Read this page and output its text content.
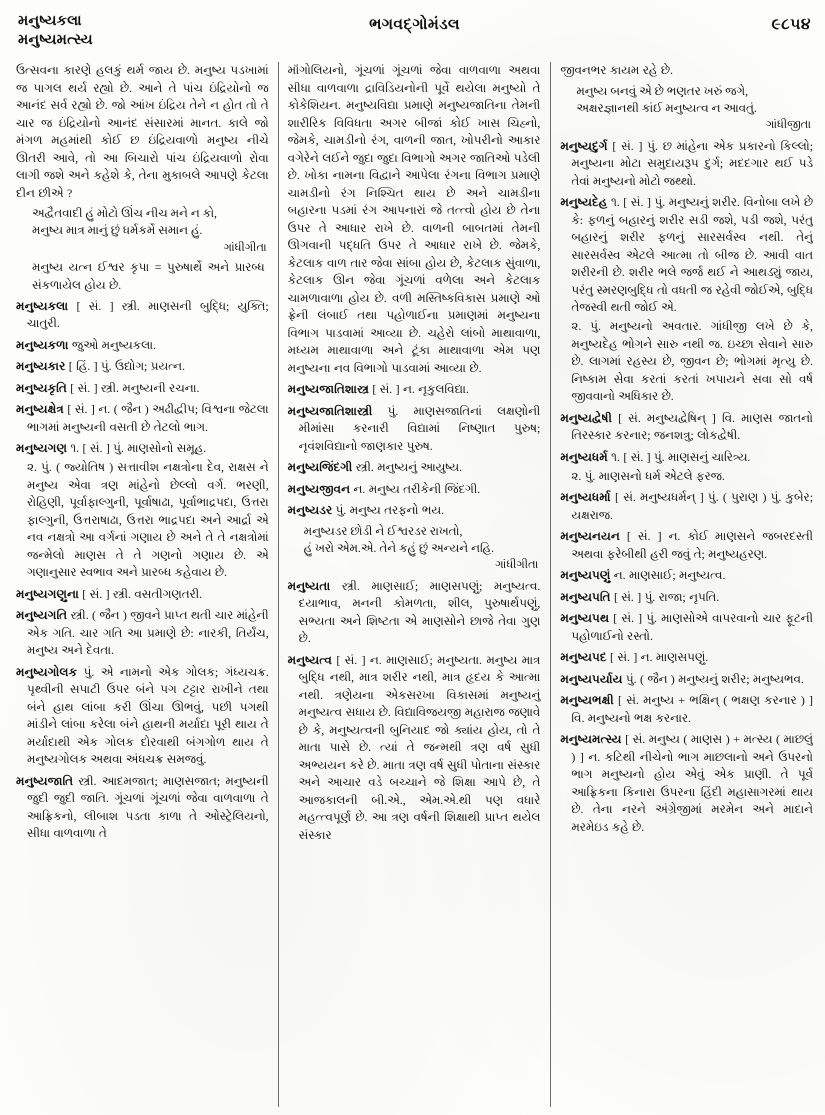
મનુષ્યકલા
મનુષ્યમત્સ્ય
ભગવદ્ગોમંડલ	૯૮૫૪

ઉત્સવના કારણે હલકું થર્મ જાય છે. મનુષ્ય પડખામાં જ પાગલ થર્ય રહ્યો છે. આને તે પાંચ ઇંદ્રિયોનો જ આનંદ સર્વ રહ્યો છે. જો આંખ ઇંદ્રિય તેને ન હોત તો તે ચાર જ ઇંદ્રિયોનો આનંદ સંસારમાં માનત. કાલે જો મંગળ મહમાંથી કોઈ છ ઇંદ્રિયવાળો મનુષ્ય નીચે ઊતરી આવે, તો આ બિચારો પાંચ ઇંદ્રિયવાળો રોવા લાગી જશે અને કહેશે કે, તેના મુકાબલે આપણે કેટલા દીન છીએ ?

અદ્વૈતવાદી હું મોટો ઊંચ નીચ મને ન કો,
મનુષ્ય માત્ર માનું છું ધર્મકર્મે સમાન હું.
ગાંધીગીતા

મનુષ્ય યત્ન ઈશ્વર કૃપા = પુરુષાર્થે અને પ્રારબ્ધ સંકળાયેલ હોય છે.

મનુષ્યકલા [ સં. ] સ્ત્રી. માણસની બુદ્ધિ; યુક્તિ; ચાતુરી.

મનુષ્યકળા જુઓ મનુષ્યકલા.

મનુષ્યકાર [ હિં. ] પું. ઉદ્યોગ; પ્રયત્ન.

મનુષ્યકૃતિ [ સં. ] સ્ત્રી. મનુષ્યની રચના.

મનુષ્યક્ષેત્ર [ સં. ] ન. ( જૈન ) અઢીદ્વીપ; વિશ્વના જેટલા ભાગમાં મનુષ્યની વસતી છે તેટલો ભાગ.

મનુષ્યગણ ૧. [ સં. ] પું. માણસોનો સમૂહ.

૨. પું. ( જ્યોતિષ ) સત્તાવીશ નક્ષત્રોના દેવ, રાક્ષસ ને મનુષ્ય એવા ત્રણ માંહેનો છેલ્લો વર્ગ. ભરણી, રોહિણી, પૂર્વાફાલ્ગુની, પૂર્વાષાઢા, પૂર્વાભાદ્રપદા, ઉત્તરા ફાલ્ગુની, ઉત્તરાષાઢા, ઉત્તરા ભાદ્રપદા અને આર્દ્રા એ નવ નક્ષત્રો આ વર્ગનાં ગણાય છે અને તે તે નક્ષત્રોમાં જન્મેલો માણસ તે તે ગણનો ગણાય છે. એ ગણાનુસાર સ્વભાવ અને પ્રારબ્ધ કહેવાય છે.

મનુષ્યગણુના [ સં. ] સ્ત્રી. વસતીગણતરી.

મનુષ્યગતિ સ્ત્રી. ( જૈન ) જીવને પ્રાપ્ત થતી ચાર માંહેની એક ગતિ. ચાર ગતિ આ પ્રમાણે છે: નારકી, તિર્યંચ, મનુષ્ય અને દેવતા.

મનુષ્યગોલક પું. એ નામનો એક ગોલક; ગંધ્યચક્ર. પૃથ્વીની સપાટી ઉપર બંને પગ ટટ્ટાર રાખીને તથા બંને હાથ લાંબા કરી ઊંચા ઊભવું, પછી પગથી માંડીને લાંબા કરેલા બંને હાથની મર્યાદા પૂરી થાય તે મર્યાદાથી એક ગોલક દોરવાથી બંગગોળ થાય તે મનુષ્યગોલક અથવા અંધચક્ર સમજવું.

મનુષ્યજાતિ સ્ત્રી. આદમજાત; માણસજાત; મનુષ્યની જુદી જુદી જાતિ. ગૂંચળાં ગૂંચળાં જેવા વાળવાળા તે આફ્રિકનો, લીબાશ પડતા કાળા તે ઓસ્ટ્રેલિયનો, સીધા વાળવાળા તે

મૉંગોલિયનો, ગૂંચળાં ગૂંચળાં જેવા વાળવાળા અથવા સીધા વાળવાળા દ્રાવિડિયનોની પૂર્વે થયેલા મનુષ્યો તે કોકેશિયન. મનુષ્યવિદ્યા પ્રમાણે મનુષ્યજાતિના તેમની શારીરિક વિવિધતા અગર બીજાં કોઈ ખાસ ચિહ્નો, જેમકે, ચામડીનો રંગ, વાળની જાત, ખોપરીનો આકાર વગેરેને લઈને જુદા જુદા વિભાગો અગર જાતિઓ પડેલી છે. ખોકા નામના વિદ્વાને આપેલા રંગના વિભાગ પ્રમાણે ચામડીનો રંગ નિશ્ચિત થાય છે અને ચામડીના બહારના પડમાં રંગ આપનારાં જે તત્ત્વો હોય છે તેના ઉપર તે આધાર રાખે છે. વાળની બાબતમાં તેમની ઊગવાની પદ્ધતિ ઉપર તે આધાર રાખે છે. જેમકે, કેટલાક વાળ તાર જેવા સાંબા હોય છે, કેટલાક સુંવાળા, કેટલાક ઊન જેવા ગૂંચળાં વળેલા અને કેટલાક ચામળાવાળા હોય છે. વળી મસ્તિષ્કવિકાસ પ્રમાણે ઓ ફ્રેની લંબાઈ તથા પહોળાઈના પ્રમાણમાં મનુષ્યના વિભાગ પાડવામાં આવ્યા છે. ચહેરો લાંબો માથાવાળા, મધ્યમ માથાવાળા અને ટૂંકા માથાવાળા એમ પણ મનુષ્યના નવ વિભાગો પાડવામાં આવ્યા છે.

મનુષ્યજાતિશાસ્ત્ર [ સં. ] ન. નૃકુલવિદ્યા.

મનુષ્યજાતિશાસ્ત્રી પું. માણસજાતિનાં લક્ષણોની મીમાંસા કરનારી વિદ્યામાં નિષ્ણાત પુરુષ; નૃવંશવિદ્યાનો જાણકાર પુરુષ.

મનુષ્યજિંદગી સ્ત્રી. મનુષ્યનું આયુષ્ય.

મનુષ્યજીવન ન. મનુષ્ય તરીકેની જિંદગી.

મનુષ્યડર પું. મનુષ્ય તરફનો ભય.

મનુષ્યડર છોડી ને ઈશ્વરડર રાખતો,
હું ખરો એમ.એ. તેને કહું છું અન્યને નહિ.
ગાંધીગીતા

મનુષ્યતા સ્ત્રી. માણસાઈ; માણસપણું; મનુષ્યત્વ. દયાભાવ, મનની કોમળતા, શીલ, પુરુષાર્થપણું, સભ્યતા અને શિષ્ટતા એ માણસોને છાજે તેવા ગુણ છે.

મનુષ્યત્વ [ સં. ] ન. માણસાઈ; મનુષ્યતા. મનુષ્ય માત્ર બુદ્ધિ નથી, માત્ર શરીર નથી, માત્ર હૃદય કે આત્મા નથી. ત્રણેયના એકસરખા વિકાસમાં મનુષ્યનું મનુષ્યત્વ સધાય છે. વિદ્યાવિજયજી મહારાજ જણાવે છે કે, મનુષ્યત્વની બુનિયાદ જો ક્યાંય હોય, તો તે માતા પાસે છે. ત્યાં તે જન્મથી ત્રણ વર્ષ સુધી અભ્યયન કરે છે. માતા ત્રણ વર્ષ સુધી પોતાના સંસ્કાર અને આચાર વડે બચ્ચાને જે શિક્ષા આપે છે, તે આજકાલની બી.એ., એમ.એ.થી પણ વધારે મહત્ત્વપૂર્ણ છે. આ ત્રણ વર્ષની શિક્ષાથી પ્રાપ્ત થયેલ સંસ્કાર

જીવનભર કાયમ રહે છે.

મનુષ્ય બનવું એ છે ભણતર ખરું જગે,
અક્ષરજ્ઞાનથી કાંઈ મનુષ્યત્વ ન આવતું.
ગાંધીજીતા

મનુષ્યદુર્ગ [ સં. ] પું. છ માંહેના એક પ્રકારનો કિલ્લો; મનુષ્યના મોટા સમુદાયરૂપ દુર્ગ; મદદગાર થઈ પડે તેવાં મનુષ્યનો મોટો જથ્થો.

મનુષ્યદેહ ૧. [ સં. ] પું. મનુષ્યનું શરીર. વિનોબા લખે છે કે: ફળનું બહારનું શરીર સડી જશે, પડી જશે, પરંતુ બહારનું શરીર ફળનું સારસર્વસ્વ નથી. તેનું સારસર્વસ્વ એટલે આત્મા તો બીજ છે. આવી વાત શરીરની છે. શરીર ભલે જર્જ થઈ ને આથડ્યું જાય, પરંતુ સ્મરણબુદ્ધિ તો વધતી જ રહેવી જોઈએ, બુદ્ધિ તેજસ્વી થતી જોઈ એ.

૨. પું. મનુષ્યનો અવતાર. ગાંધીજી લખે છે કે, મનુષ્યદેહ ભોગને સારુ નથી જ. ઇચ્છા સેવાને સારુ છે. લાગમાં રહસ્ય છે, જીવન છે; ભોગમાં મૃત્યુ છે. નિષ્કામ સેવા કરતાં કરતાં ખપાયને સવા સો વર્ષ જીવવાનો અધિકાર છે.

મનુષ્યદ્વેષી [ સં. મનુષ્યદ્વેષિન્ ] વિ. માણસ જાતનો તિરસ્કાર કરનાર; જનશત્રુ; લોકદ્વેષી.

મનુષ્યધર્મ ૧. [ સં. ] પું. માણસનું ચારિત્ર્ય.

૨. પું. માણસનો ધર્મ એટલે ફરજ.

મનુષ્યધર્મા [ સં. મનુષ્યધર્મન્ ] પું. ( પુરાણ ) પું. કુબેર; યક્ષરાજ.

મનુષ્યનયન [ સં. ] ન. કોઈ માણસને જબરદસ્તી અથવા ફરેબીથી હરી જવું તે; મનુષ્યહરણ.

મનુષ્યપણું ન. માણસાઈ; મનુષ્યત્વ.

મનુષ્યપતિ [ સં. ] પું. રાજા; નૃપતિ.

મનુષ્યપથ [ સં. ] પું. માણસોએ વાપરવાનો ચાર ફૂટની પહોળાઈનો રસ્તો.

મનુષ્યપદ [ સં. ] ન. માણસપણું.

મનુષ્યપર્યાય પું. ( જૈન ) મનુષ્યનું શરીર; મનુષ્યભવ.

મનુષ્યભક્ષી [ સં. મનુષ્ય + ભક્ષિન્ ( ભક્ષણ કરનાર ) ] વિ. મનુષ્યનો ભક્ષ કરનાર.

મનુષ્યમત્સ્ય [ સં. મનુષ્ય ( માણસ ) + મત્સ્ય ( માછલું ) ] ન. કટિથી નીચેનો ભાગ માછલાનો અને ઉપરનો ભાગ મનુષ્યનો હોય એવું એક પ્રાણી. તે પૂર્વ આફ્રિકના કિનારા ઉપરના હિંદી મહાસાગરમાં થાય છે. તેના નરને અંગ્રેજીમાં મરમેન અને માદાને મરમેઇડ કહે છે.
